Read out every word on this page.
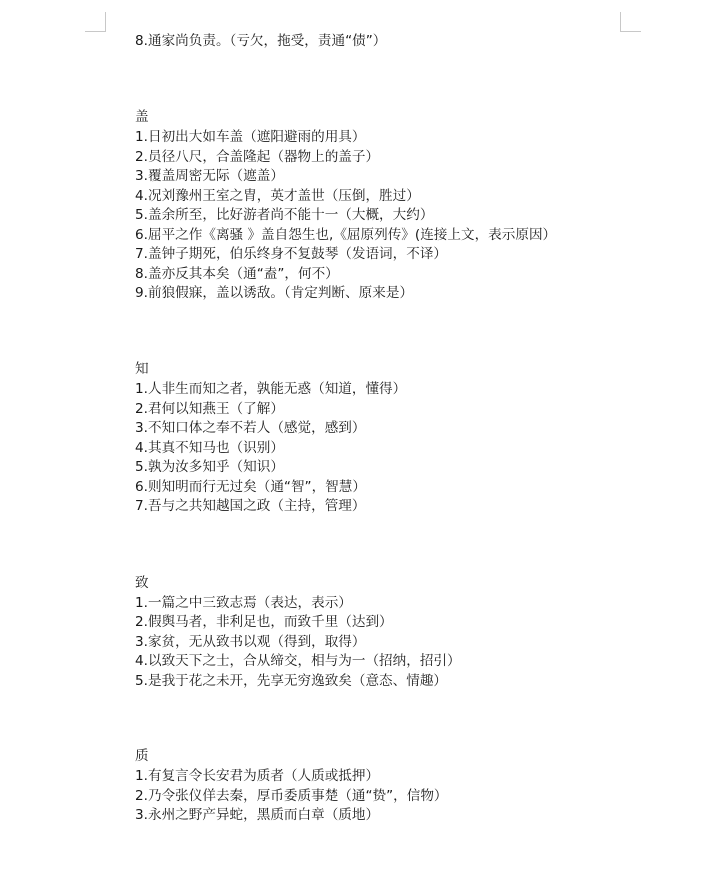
8.通家尚负责。（亏欠，拖受，责通“债”）
盖
1.日初出大如车盖（遮阳避雨的用具）
2.员径八尺，合盖隆起（器物上的盖子）
3.覆盖周密无际（遮盖）
4.况刘豫州王室之胄，英才盖世（压倒，胜过）
5.盖余所至，比好游者尚不能十一（大概，大约）
6.屈平之作《离骚 》盖自怨生也,《屈原列传》(连接上文，表示原因）
7.盖钟子期死，伯乐终身不复鼓琴（发语词，不译）
8.盖亦反其本矣（通“盍”，何不）
9.前狼假寐，盖以诱敌。（肯定判断、原来是）
知
1.人非生而知之者，孰能无惑（知道，懂得）
2.君何以知燕王（了解）
3.不知口体之奉不若人（感觉，感到）
4.其真不知马也（识别）
5.孰为汝多知乎（知识）
6.则知明而行无过矣（通“智”，智慧）
7.吾与之共知越国之政（主持，管理）
致
1.一篇之中三致志焉（表达，表示）
2.假舆马者，非利足也，而致千里（达到）
3.家贫，无从致书以观（得到，取得）
4.以致天下之士，合从缔交，相与为一（招纳，招引）
5.是我于花之未开，先享无穷逸致矣（意态、情趣）
质
1.有复言令长安君为质者（人质或抵押）
2.乃令张仪佯去秦，厚币委质事楚（通“贽”，信物）
3.永州之野产异蛇，黑质而白章（质地）
